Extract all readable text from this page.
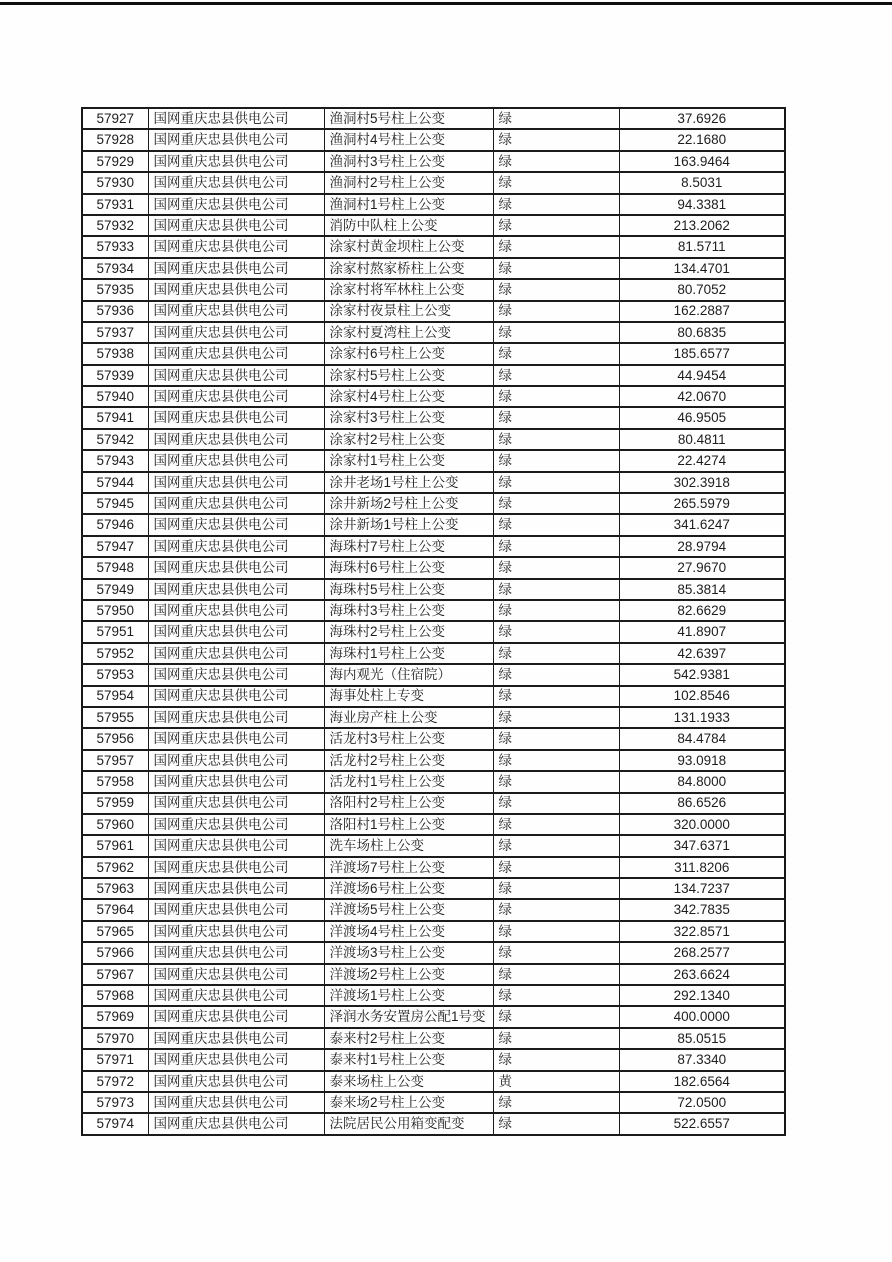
57927	国网重庆忠县供电公司	渔洞村5号柱上公变	绿	37.6926
57928	国网重庆忠县供电公司	渔洞村4号柱上公变	绿	22.1680
57929	国网重庆忠县供电公司	渔洞村3号柱上公变	绿	163.9464
57930	国网重庆忠县供电公司	渔洞村2号柱上公变	绿	8.5031
57931	国网重庆忠县供电公司	渔洞村1号柱上公变	绿	94.3381
57932	国网重庆忠县供电公司	消防中队柱上公变	绿	213.2062
57933	国网重庆忠县供电公司	涂家村黄金坝柱上公变	绿	81.5711
57934	国网重庆忠县供电公司	涂家村熬家桥柱上公变	绿	134.4701
57935	国网重庆忠县供电公司	涂家村将军林柱上公变	绿	80.7052
57936	国网重庆忠县供电公司	涂家村夜景柱上公变	绿	162.2887
57937	国网重庆忠县供电公司	涂家村夏湾柱上公变	绿	80.6835
57938	国网重庆忠县供电公司	涂家村6号柱上公变	绿	185.6577
57939	国网重庆忠县供电公司	涂家村5号柱上公变	绿	44.9454
57940	国网重庆忠县供电公司	涂家村4号柱上公变	绿	42.0670
57941	国网重庆忠县供电公司	涂家村3号柱上公变	绿	46.9505
57942	国网重庆忠县供电公司	涂家村2号柱上公变	绿	80.4811
57943	国网重庆忠县供电公司	涂家村1号柱上公变	绿	22.4274
57944	国网重庆忠县供电公司	涂井老场1号柱上公变	绿	302.3918
57945	国网重庆忠县供电公司	涂井新场2号柱上公变	绿	265.5979
57946	国网重庆忠县供电公司	涂井新场1号柱上公变	绿	341.6247
57947	国网重庆忠县供电公司	海珠村7号柱上公变	绿	28.9794
57948	国网重庆忠县供电公司	海珠村6号柱上公变	绿	27.9670
57949	国网重庆忠县供电公司	海珠村5号柱上公变	绿	85.3814
57950	国网重庆忠县供电公司	海珠村3号柱上公变	绿	82.6629
57951	国网重庆忠县供电公司	海珠村2号柱上公变	绿	41.8907
57952	国网重庆忠县供电公司	海珠村1号柱上公变	绿	42.6397
57953	国网重庆忠县供电公司	海内观光（住宿院）	绿	542.9381
57954	国网重庆忠县供电公司	海事处柱上专变	绿	102.8546
57955	国网重庆忠县供电公司	海业房产柱上公变	绿	131.1933
57956	国网重庆忠县供电公司	活龙村3号柱上公变	绿	84.4784
57957	国网重庆忠县供电公司	活龙村2号柱上公变	绿	93.0918
57958	国网重庆忠县供电公司	活龙村1号柱上公变	绿	84.8000
57959	国网重庆忠县供电公司	洛阳村2号柱上公变	绿	86.6526
57960	国网重庆忠县供电公司	洛阳村1号柱上公变	绿	320.0000
57961	国网重庆忠县供电公司	洗车场柱上公变	绿	347.6371
57962	国网重庆忠县供电公司	洋渡场7号柱上公变	绿	311.8206
57963	国网重庆忠县供电公司	洋渡场6号柱上公变	绿	134.7237
57964	国网重庆忠县供电公司	洋渡场5号柱上公变	绿	342.7835
57965	国网重庆忠县供电公司	洋渡场4号柱上公变	绿	322.8571
57966	国网重庆忠县供电公司	洋渡场3号柱上公变	绿	268.2577
57967	国网重庆忠县供电公司	洋渡场2号柱上公变	绿	263.6624
57968	国网重庆忠县供电公司	洋渡场1号柱上公变	绿	292.1340
57969	国网重庆忠县供电公司	泽润水务安置房公配1号变	绿	400.0000
57970	国网重庆忠县供电公司	泰来村2号柱上公变	绿	85.0515
57971	国网重庆忠县供电公司	泰来村1号柱上公变	绿	87.3340
57972	国网重庆忠县供电公司	泰来场柱上公变	黄	182.6564
57973	国网重庆忠县供电公司	泰来场2号柱上公变	绿	72.0500
57974	国网重庆忠县供电公司	法院居民公用箱变配变	绿	522.6557
